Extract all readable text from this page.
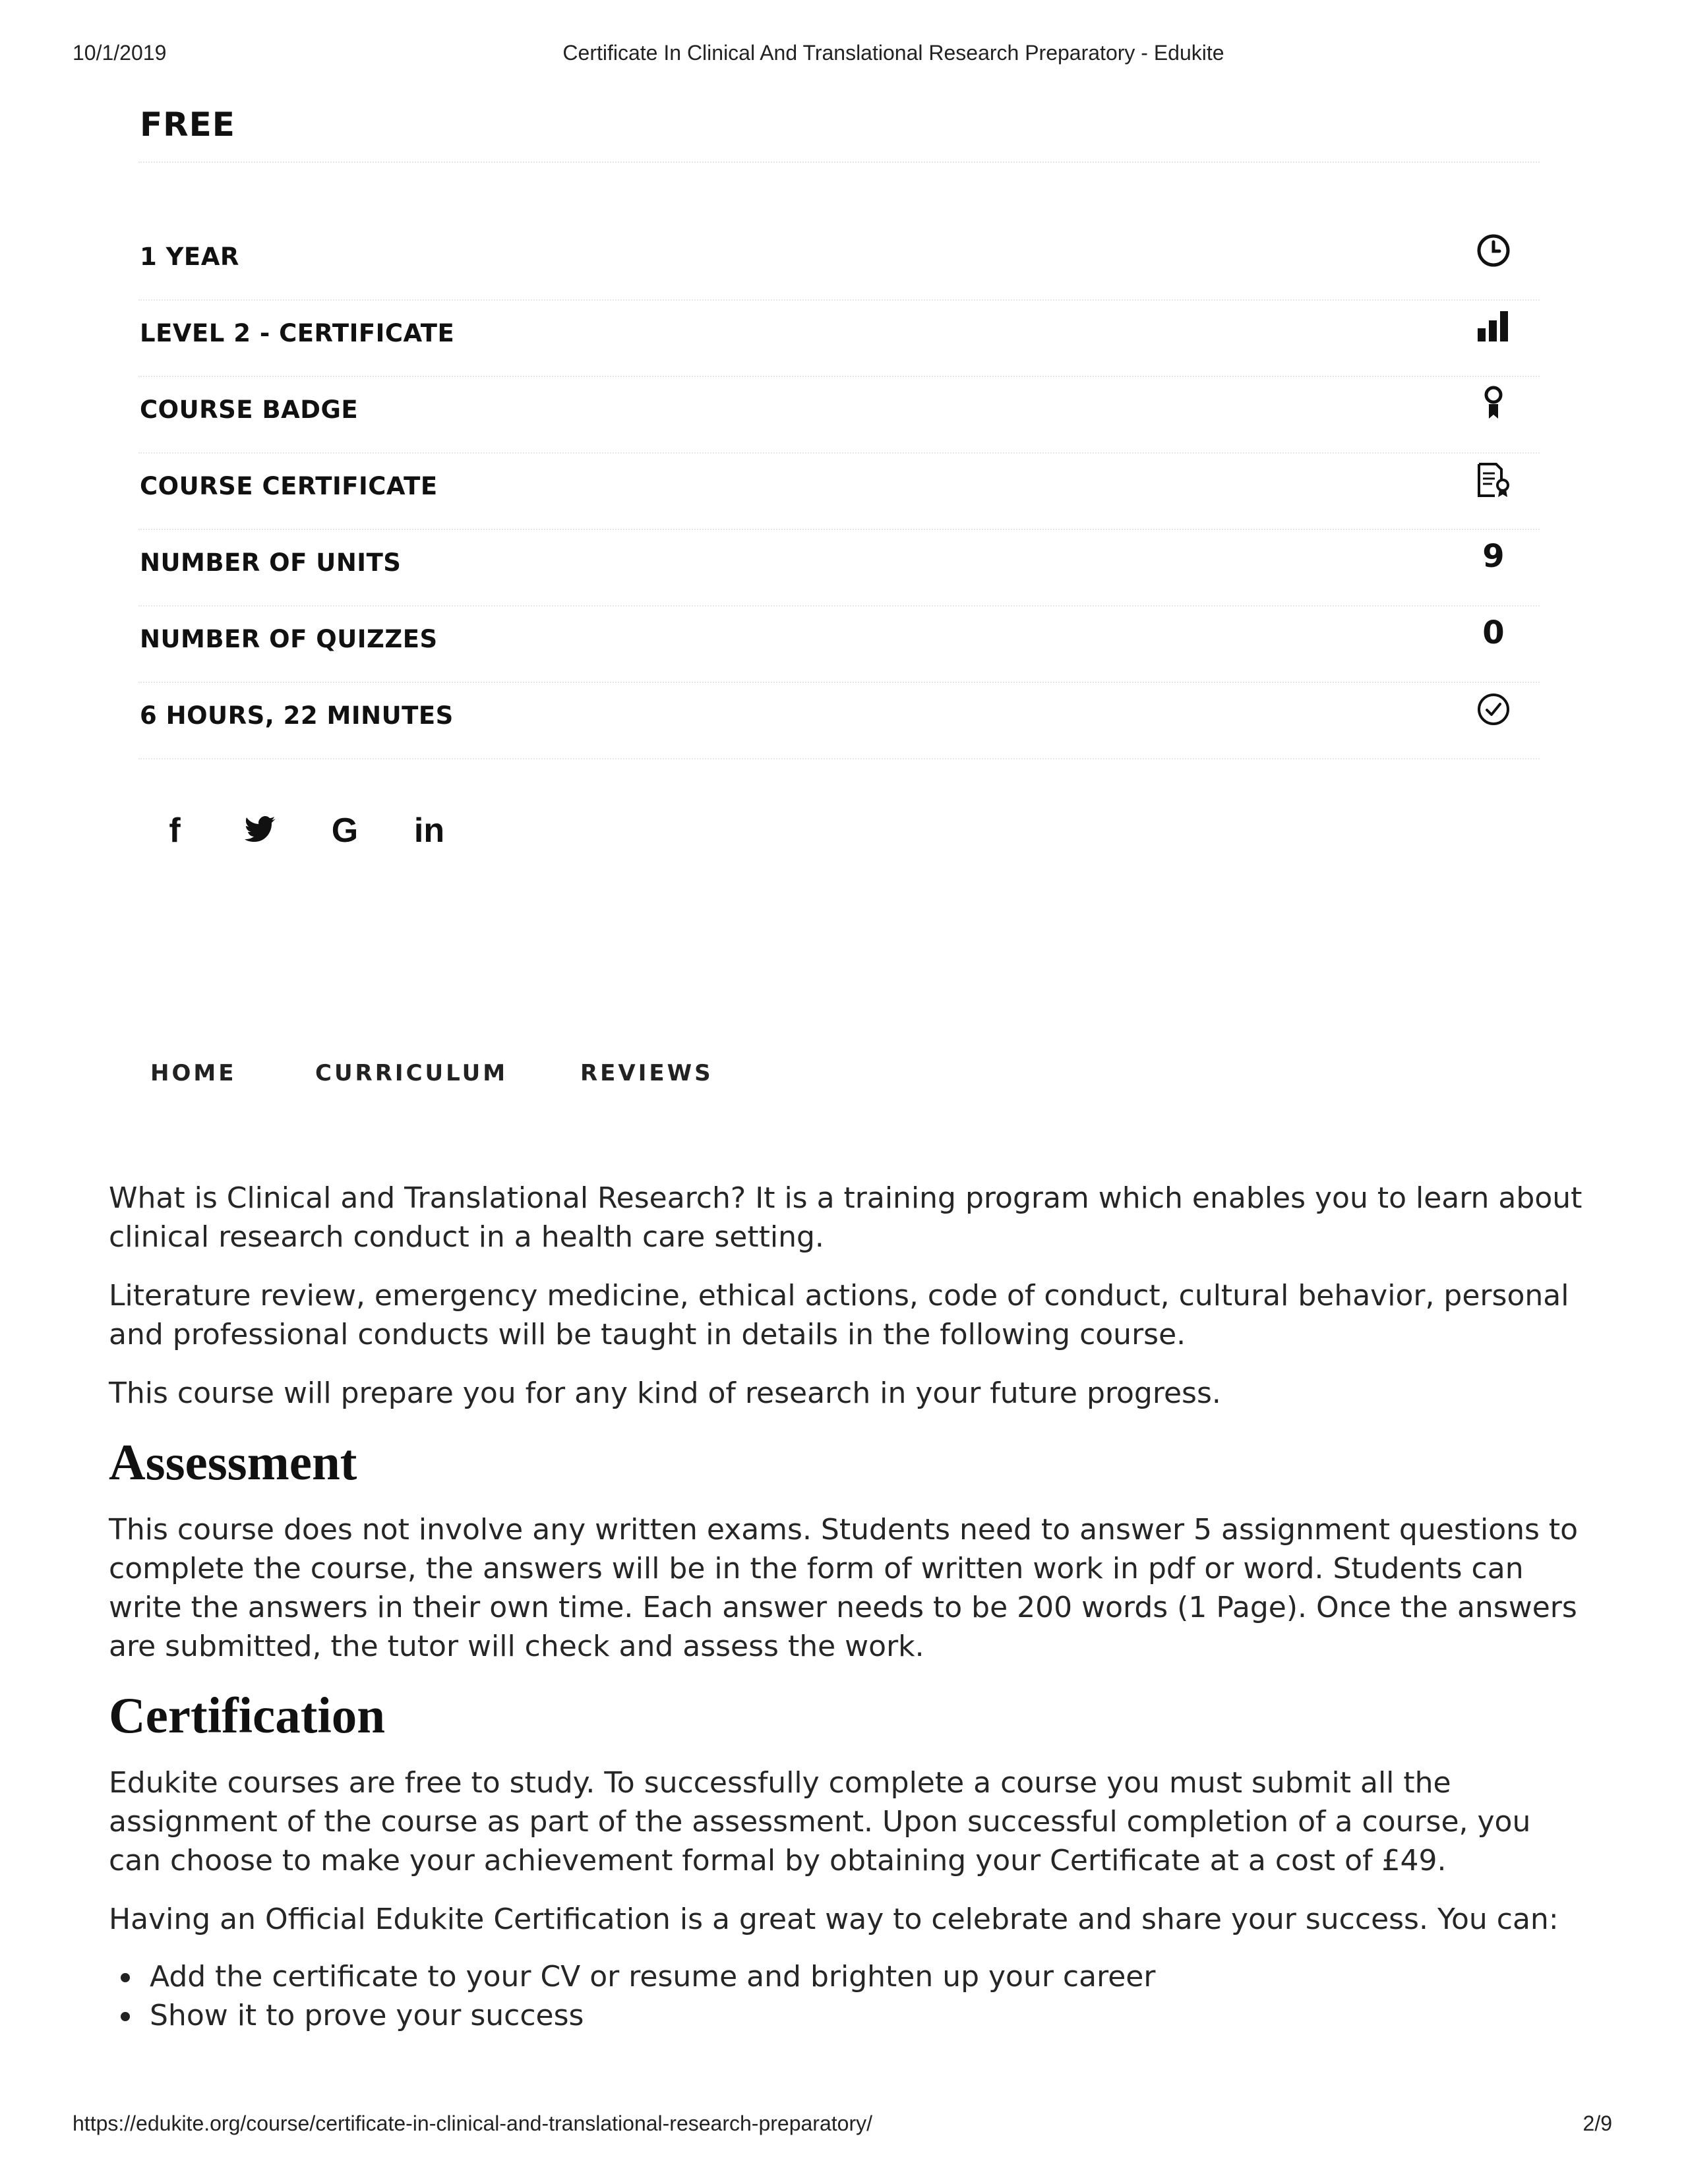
10/1/2019	Certificate In Clinical And Translational Research Preparatory - Edukite
FREE
1 YEAR
LEVEL 2 - CERTIFICATE
COURSE BADGE
COURSE CERTIFICATE
NUMBER OF UNITS	9
NUMBER OF QUIZZES	0
6 HOURS, 22 MINUTES
f	G in
HOME	CURRICULUM	REVIEWS

What is Clinical and Translational Research? It is a training program which enables you to learn about clinical research conduct in a health care setting.

Literature review, emergency medicine, ethical actions, code of conduct, cultural behavior, personal and professional conducts will be taught in details in the following course.

This course will prepare you for any kind of research in your future progress.

Assessment

This course does not involve any written exams. Students need to answer 5 assignment questions to complete the course, the answers will be in the form of written work in pdf or word. Students can write the answers in their own time. Each answer needs to be 200 words (1 Page). Once the answers are submitted, the tutor will check and assess the work.

Certification

Edukite courses are free to study. To successfully complete a course you must submit all the assignment of the course as part of the assessment. Upon successful completion of a course, you can choose to make your achievement formal by obtaining your Certificate at a cost of £49.

Having an Official Edukite Certification is a great way to celebrate and share your success. You can:

Add the certificate to your CV or resume and brighten up your career
Show it to prove your success
https://edukite.org/course/certificate-in-clinical-and-translational-research-preparatory/	2/9
